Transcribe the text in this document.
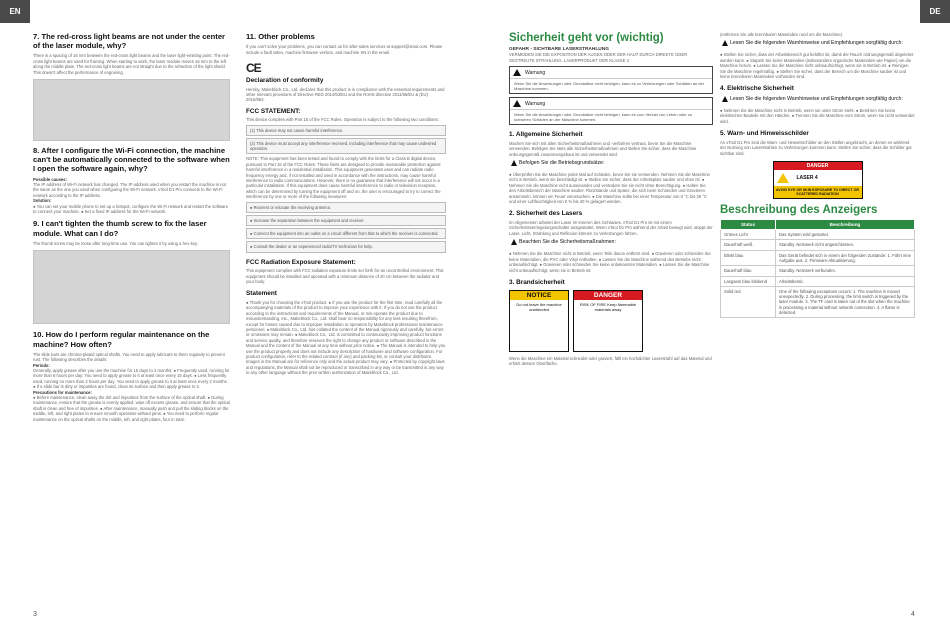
EN	DE
7. The red-cross light beams are not under the center of the laser module, why?

There is a spacing of 16 mm between the red-cross light beams and the laser light-emitting point. The red-cross light beams are used for framing. When starting to work, the laser module moves 16 mm to the left along the middle plate. The red-cross light beams are not straight due to the refraction of the light shield. This doesn't affect the performance of engraving.

8. After I configure the Wi-Fi connection, the machine can't be automatically connected to the software when I open the software again, why?

Possible causes:

The IP address of Wi-Fi network has changed. The IP address used when you restart the machine is not the same as the one you used when configuring the Wi-Fi network. xTool D1 Pro connects to the Wi-Fi network according to the IP address.

Solution:

● You can set your mobile phone to set up a hotspot, configure the Wi-Fi network and restart the software to connect your machine. ● Set a fixed IP address for the Wi-Fi network.

9. I can't tighten the thumb screw to fix the laser module. What can I do?

The thumb screw may be loose after long-time use. You can tighten it by using a hex key.

10. How do I perform regular maintenance on the machine? How often?

The slide bars are chrome-plated optical shafts. You need to apply lubricant to them regularly to prevent rust. The following describes the details:

Periods:

Generally, apply grease after you use the machine for 15 days to 2 months: ● Frequently used, running for more than 8 hours per day: You need to apply grease to it at least once every 15 days. ● Less frequently used, running no more than 2 hours per day: You need to apply grease to it at least once every 2 months. ● If a slide bar is dirty or impurities are found, clean its surface and then apply grease to it.

Precautions for maintenance:

● Before maintenance, clean away the dirt and impurities from the surface of the optical shaft. ● During maintenance, ensure that the grease is evenly applied, wipe off excess grease, and ensure that the optical shaft is clean and free of impurities. ● After maintenance, manually push and pull the sliding blocks on the middle, left, and right plates to ensure smooth operation without jams. ● You need to perform regular maintenance on the optical shafts on the middle, left, and right plates, four in total.

11. Other problems

If you can't solve your problems, you can contact us for after-sales services at support@xtool.com. Please include a fault video, machine firmware version, and machine SN in the email.

CE
Declaration of conformity

Hereby, Makeblock Co., Ltd. declares that this product is in compliance with the essential requirements and other relevant provisions of Directive RED 2014/53/EU and the RoHS directive 2011/65/EU & (EU) 2015/863.

FCC STATEMENT:

This device complies with Part 15 of the FCC Rules. Operation is subject to the following two conditions:

(1) This device may not cause harmful interference.
(2) This device must accept any interference received, including interference that may cause undesired operation.

NOTE: This equipment has been tested and found to comply with the limits for a Class B digital device, pursuant to Part 15 of the FCC Rules. These limits are designed to provide reasonable protection against harmful interference in a residential installation. This equipment generates uses and can radiate radio frequency energy and, if not installed and used in accordance with the instructions, may cause harmful interference to radio communications. However, there is no guarantee that interference will not occur in a particular installation. If this equipment does cause harmful interference to radio or television reception, which can be determined by turning the equipment off and on, the user is encouraged to try to correct the interference by one or more of the following measures:

● Reorient or relocate the receiving antenna.
● Increase the separation between the equipment and receiver.
● Connect the equipment into an outlet on a circuit different from that to which the receiver is connected.
● Consult the dealer or an experienced radio/TV technician for help.
FCC Radiation Exposure Statement:

This equipment complies with FCC radiation exposure limits set forth for an uncontrolled environment. This equipment should be installed and operated with a minimum distance of 20 cm between the radiator and your body.

Statement

● Thank you for choosing the xTool product. ● If you use the product for the first time, read carefully all the accompanying materials of the product to improve your experience with it. If you do not use the product according to the instructions and requirements of the Manual, or mis-operate the product due to misunderstanding, etc., Makeblock Co., Ltd. shall bear no responsibility for any loss resulting therefrom, except for losses caused due to improper installation or operation by Makeblock professional maintenance personnel. ● Makeblock Co., Ltd. has collated the content of the Manual rigorously and carefully, but errors or omissions may remain. ● Makeblock Co., Ltd. is committed to continuously improving product functions and service quality, and therefore reserves the right to change any product or software described in the Manual and the content of the Manual at any time without prior notice. ● The Manual is intended to help you use the product properly and does not include any description of hardware and software configuration. For product configuration, refer to the related contract (if any) and packing list, or consult your distributor. Images in the Manual are for reference only and the actual product may vary. ● Protected by copyright laws and regulations, the Manual shall not be reproduced or transcribed in any way or be transmitted in any way in any other language without the prior written authorization of Makeblock Co., Ltd.

3
Sicherheit geht vor (wichtig)

GEFAHR - SICHTBARE LASERSTRAHLUNG

VERMEIDEN SIE DIE EXPOSITION DER AUGEN ODER DER HAUT DURCH DIREKTE ODER GESTREUTE STRAHLUNG. LASERPRODUKT DER KLASSE 4

Warnung
Wenn Sie die Anweisungen oder Grundsätze nicht befolgen, kann es zu Verletzungen oder Schäden an der Maschine kommen.
Warnung
Wenn Sie die Anweisungen oder Grundsätze nicht befolgen, kann es zum Verlust von Leben oder zu schweren Schäden an der Maschine kommen.
1. Allgemeine Sicherheit

Machen Sie sich mit allen Sicherheitsmaßnahmen und -verfahren vertraut, bevor Sie die Maschine verwenden. Befolgen Sie stets alle Sicherheitsmaßnahmen und stellen Sie sicher, dass die Maschine ordnungsgemäß zusammengebaut ist und verwendet wird.

Befolgen Sie die Betriebsgrundsätze:

● Überprüfen Sie die Maschine jedes Mal auf Schäden, bevor Sie sie verwenden. Nehmen Sie die Maschine nicht in Betrieb, wenn sie beschädigt ist. ● Stellen Sie sicher, dass der Arbeitsplatz sauber und eben ist. ● Nehmen Sie die Maschine nicht auseinander und verändern Sie sie nicht ohne Berechtigung. ● Halten Sie den Arbeitsbereich der Maschine sauber. Rückstände und Späne, die sich beim Schneiden und Gravieren ansammeln, können ein Feuer verursachen. ● Die Maschine sollte bei einer Temperatur von 0 °C bis 35 °C und einer Luftfeuchtigkeit von 0 % bis 40 % gelagert werden.

2. Sicherheit des Lasers

Im Allgemeinen arbeitet der Laser im Inneren des Gehäuses. xTool D1 Pro ist mit einem Sicherheitsverriegelungsschalter ausgestattet. Wenn xTool D1 Pro während der Arbeit bewegt wird, stoppt der Laser. Licht, Strahlung und Reflexion können zu Verletzungen führen.

Beachten Sie die Sicherheitsmaßnahmen:

● Nehmen Sie die Maschine nicht in Betrieb, wenn Teile davon entfernt sind. ● Gravieren oder schneiden Sie keine Materialien, die PVC oder Vinyl enthalten. ● Lassen Sie die Maschine während des Betriebs nicht unbeaufsichtigt. ● Gravieren oder schneiden Sie keine unbekannten Materialien. ● Lassen Sie die Maschine nicht unbeaufsichtigt, wenn sie in Betrieb ist.

3. Brandsicherheit
NOTICE
Do not leave the machine unattended
DANGER
RISK OF FIRE Keep flammable materials away

Wenn die Maschine ein Material schneidet oder graviert, fällt ein hochdichter Laserstrahl auf das Material und erhitzt dessen Oberfläche.

(entfernen Sie alle brennbaren Materialien rund um die Maschine).

Lesen Sie die folgenden Warnhinweise und Empfehlungen sorgfältig durch:

● Stellen Sie sicher, dass der Arbeitsbereich gut belüftet ist, damit der Rauch ordnungsgemäß abgeleitet werden kann. ● Stapeln Sie keine Materialien (insbesondere organische Materialien wie Papier) um die Maschine herum. ● Lassen Sie die Maschine nicht unbeaufsichtigt, wenn sie in Betrieb ist. ● Reinigen Sie die Maschine regelmäßig. ● Stellen Sie sicher, dass der Bereich um die Maschine sauber ist und keine brennbaren Materialien vorhanden sind.

4. Elektrische Sicherheit
Lesen Sie die folgenden Warnhinweise und Empfehlungen sorgfältig durch:

● Nehmen Sie die Maschine nicht in Betrieb, wenn sie unter Strom steht. ● Berühren Sie keine elektrischen Bauteile mit den Händen. ● Trennen Sie die Maschine vom Strom, wenn sie nicht verwendet wird.

5. Warn- und Hinweisschilder

An xTool D1 Pro sind die Warn- und Hinweisschilder an den Stellen angebracht, an denen es während der Nutzung von Laserstrahlen zu Verletzungen kommen kann. Stellen Sie sicher, dass die Schilder gut sichtbar sind.

DANGER
LASER 4
AVOID EYE OR SKIN EXPOSURE TO DIRECT OR SCATTERED RADIATION
Beschreibung des Anzeigers
Status	Beschreibung
Grünes Licht	Das System wird gestartet.
Dauerhaft weiß	Standby. Netzwerk nicht angeschlossen.
Blinkt blau	Das Gerät befindet sich in einem der folgenden Zustände: 1. Führt eine Aufgabe aus. 2. Firmware-Aktualisierung.
Dauerhaft blau	Standby. Netzwerk verbunden.
Langsam blau blinkend	Arbeitsbereit.
Solid red	One of the following exceptions occurs: 1. The machine is moved unexpectedly. 2. During processing, the limit switch is triggered by the laser module. 3. The TF card is taken out of the slot when the machine is processing a material without network connection. 4. A flame is detected.
4
